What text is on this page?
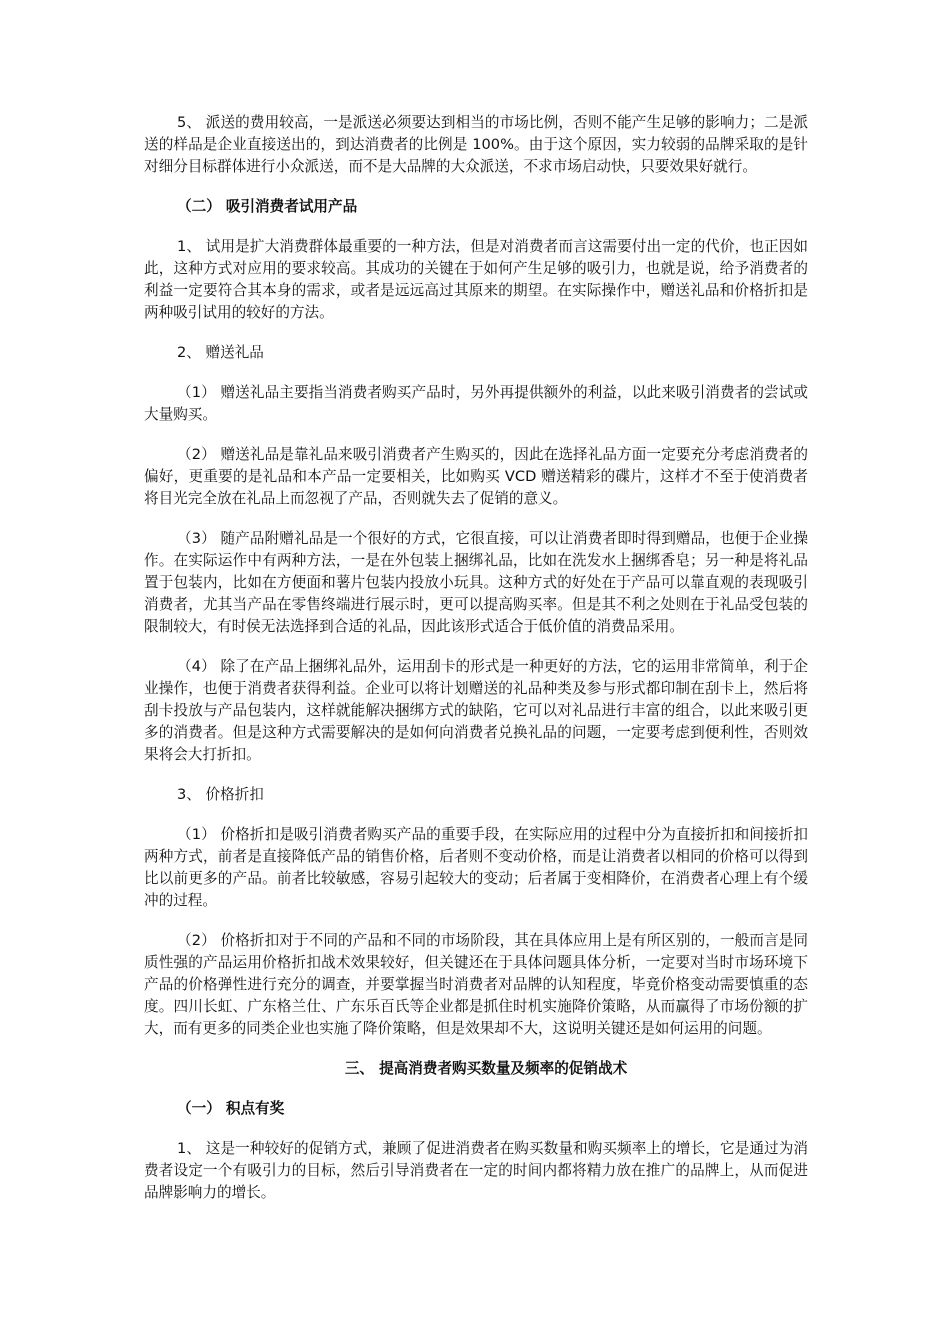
5、 派送的费用较高，一是派送必须要达到相当的市场比例，否则不能产生足够的影响力；二是派送的样品是企业直接送出的，到达消费者的比例是 100%。由于这个原因，实力较弱的品牌采取的是针对细分目标群体进行小众派送，而不是大品牌的大众派送，不求市场启动快，只要效果好就行。

（二） 吸引消费者试用产品

1、 试用是扩大消费群体最重要的一种方法，但是对消费者而言这需要付出一定的代价，也正因如此，这种方式对应用的要求较高。其成功的关键在于如何产生足够的吸引力，也就是说，给予消费者的利益一定要符合其本身的需求，或者是远远高过其原来的期望。在实际操作中，赠送礼品和价格折扣是两种吸引试用的较好的方法。

2、 赠送礼品

（1） 赠送礼品主要指当消费者购买产品时，另外再提供额外的利益，以此来吸引消费者的尝试或大量购买。

（2） 赠送礼品是靠礼品来吸引消费者产生购买的，因此在选择礼品方面一定要充分考虑消费者的偏好，更重要的是礼品和本产品一定要相关，比如购买 VCD 赠送精彩的碟片，这样才不至于使消费者将目光完全放在礼品上而忽视了产品，否则就失去了促销的意义。

（3） 随产品附赠礼品是一个很好的方式，它很直接，可以让消费者即时得到赠品，也便于企业操作。在实际运作中有两种方法，一是在外包装上捆绑礼品，比如在洗发水上捆绑香皂；另一种是将礼品置于包装内，比如在方便面和薯片包装内投放小玩具。这种方式的好处在于产品可以靠直观的表现吸引消费者，尤其当产品在零售终端进行展示时，更可以提高购买率。但是其不利之处则在于礼品受包装的限制较大，有时侯无法选择到合适的礼品，因此该形式适合于低价值的消费品采用。

（4） 除了在产品上捆绑礼品外，运用刮卡的形式是一种更好的方法，它的运用非常简单，利于企业操作，也便于消费者获得利益。企业可以将计划赠送的礼品种类及参与形式都印制在刮卡上，然后将刮卡投放与产品包装内，这样就能解决捆绑方式的缺陷，它可以对礼品进行丰富的组合，以此来吸引更多的消费者。但是这种方式需要解决的是如何向消费者兑换礼品的问题，一定要考虑到便利性，否则效果将会大打折扣。

3、 价格折扣

（1） 价格折扣是吸引消费者购买产品的重要手段，在实际应用的过程中分为直接折扣和间接折扣两种方式，前者是直接降低产品的销售价格，后者则不变动价格，而是让消费者以相同的价格可以得到比以前更多的产品。前者比较敏感，容易引起较大的变动；后者属于变相降价，在消费者心理上有个缓冲的过程。

（2） 价格折扣对于不同的产品和不同的市场阶段，其在具体应用上是有所区别的，一般而言是同质性强的产品运用价格折扣战术效果较好，但关键还在于具体问题具体分析，一定要对当时市场环境下产品的价格弹性进行充分的调查，并要掌握当时消费者对品牌的认知程度，毕竟价格变动需要慎重的态度。四川长虹、广东格兰仕、广东乐百氏等企业都是抓住时机实施降价策略，从而赢得了市场份额的扩大，而有更多的同类企业也实施了降价策略，但是效果却不大，这说明关键还是如何运用的问题。

三、 提高消费者购买数量及频率的促销战术

（一） 积点有奖

1、 这是一种较好的促销方式，兼顾了促进消费者在购买数量和购买频率上的增长，它是通过为消费者设定一个有吸引力的目标，然后引导消费者在一定的时间内都将精力放在推广的品牌上，从而促进品牌影响力的增长。
